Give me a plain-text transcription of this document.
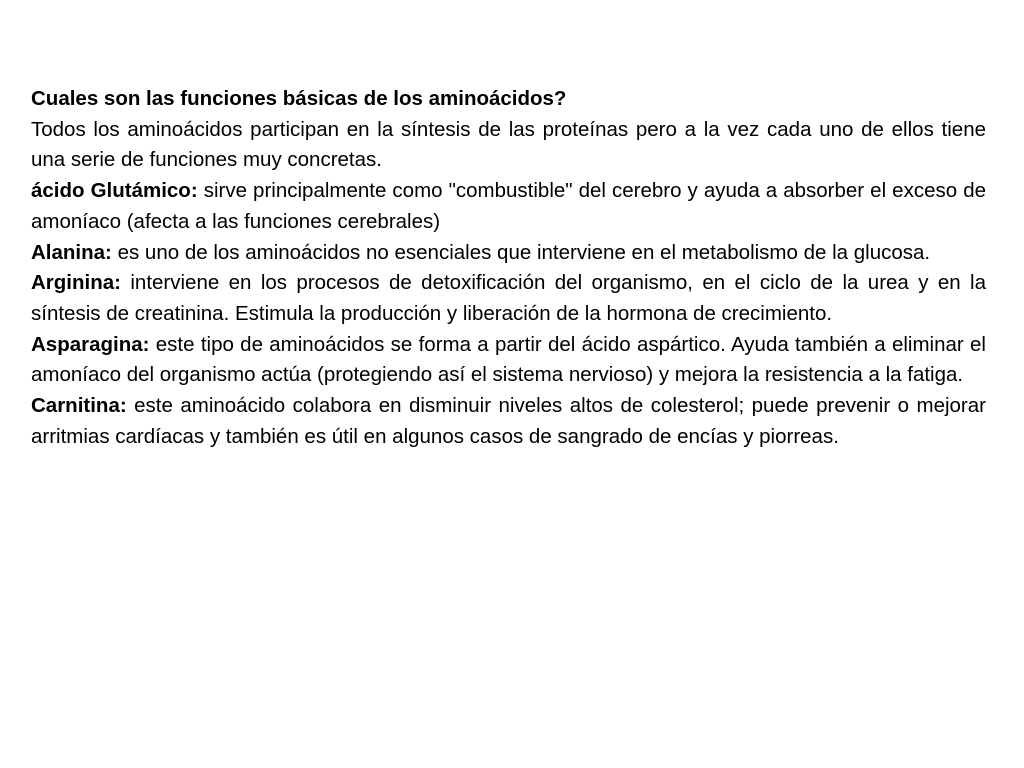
Cuales son las funciones básicas de los aminoácidos?

Todos los aminoácidos participan en la síntesis de las proteínas pero a la vez cada uno de ellos tiene una serie de funciones muy concretas.

ácido Glutámico: sirve principalmente como "combustible" del cerebro y ayuda a absorber el exceso de amoníaco (afecta a las funciones cerebrales)

Alanina: es uno de los aminoácidos no esenciales que interviene en el metabolismo de la glucosa.

Arginina: interviene en los procesos de detoxificación del organismo, en el ciclo de la urea y en la síntesis de creatinina. Estimula la producción y liberación de la hormona de crecimiento.

Asparagina: este tipo de aminoácidos se forma a partir del ácido aspártico. Ayuda también a eliminar el amoníaco del organismo actúa (protegiendo así el sistema nervioso) y mejora la resistencia a la fatiga.

Carnitina: este aminoácido colabora en disminuir niveles altos de colesterol; puede prevenir o mejorar arritmias cardíacas y también es útil en algunos casos de sangrado de encías y piorreas.
